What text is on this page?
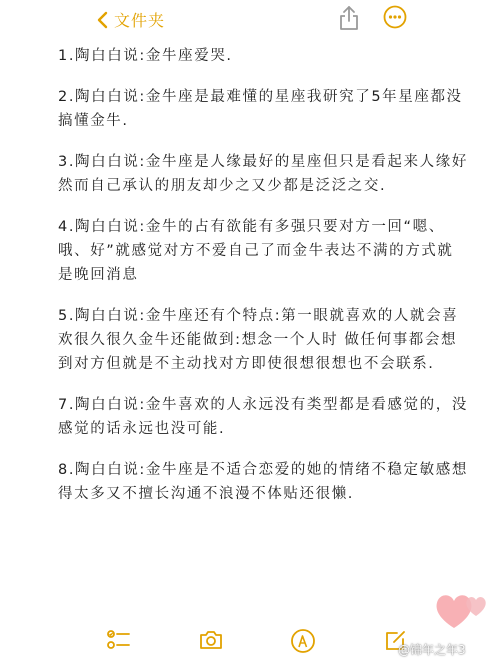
文件夹

1.陶白白说:金牛座爱哭.

2.陶白白说:金牛座是最难懂的星座我研究了5年星座都没搞懂金牛.

3.陶白白说:金牛座是人缘最好的星座但只是看起来人缘好 然而自己承认的朋友却少之又少都是泛泛之交.

4.陶白白说:金牛的占有欲能有多强只要对方一回“嗯、哦、好”就感觉对方不爱自己了而金牛表达不满的方式就是晚回消息

5.陶白白说:金牛座还有个特点:第一眼就喜欢的人就会喜欢很久很久金牛还能做到:想念一个人时 做任何事都会想到对方但就是不主动找对方即使很想很想也不会联系.

7.陶白白说:金牛喜欢的人永远没有类型都是看感觉的，没感觉的话永远也没可能.

8.陶白白说:金牛座是不适合恋爱的她的情绪不稳定敏感想得太多又不擅长沟通不浪漫不体贴还很懒.

@锦年之年3
